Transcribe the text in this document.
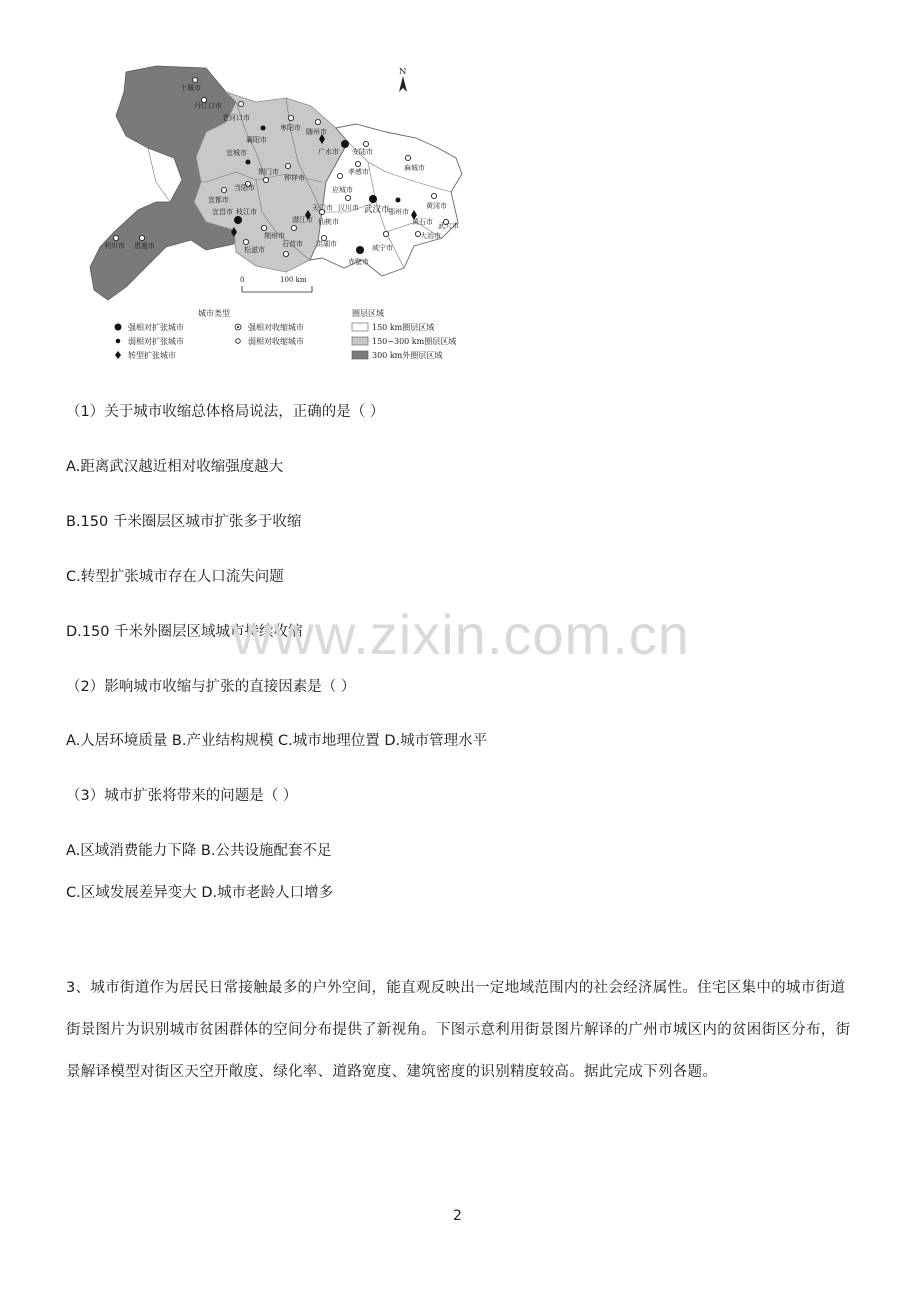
N
十堰市
丹江口市
老河口市
襄阳市
枣阳市 随州市
广水市
宜城市	安陆市
麻城市
孝感市
钟祥市
荆门市
当阳市
宜都市
枝江市
应城市
汉川市 武汉市
鄂州市
黄冈市
天门市
潜江市 仙桃市
荆州市
松滋市
石首市 洪湖市
黄石市 武穴市
大冶市
咸宁市
赤壁市
利川市 恩施市
宜昌市
0	100 km
城市类型
强相对扩张城市
弱相对扩张城市
转型扩张城市
强相对收缩城市
弱相对收缩城市
圈层区域
150 km圈层区域
150~300 km圈层区域
300 km外圈层区域
（1）关于城市收缩总体格局说法，正确的是（ ）
A.距离武汉越近相对收缩强度越大
B.150 千米圈层区城市扩张多于收缩
C.转型扩张城市存在人口流失问题
D.150 千米外圈层区域城市持续收缩
（2）影响城市收缩与扩张的直接因素是（ ）
A.人居环境质量 B.产业结构规模 C.城市地理位置 D.城市管理水平
（3）城市扩张将带来的问题是（ ）
A.区域消费能力下降 B.公共设施配套不足
C.区域发展差异变大 D.城市老龄人口增多
3、城市街道作为居民日常接触最多的户外空间，能直观反映出一定地域范围内的社会经济属性。住宅区集中的城市街道街景图片为识别城市贫困群体的空间分布提供了新视角。下图示意利用街景图片解译的广州市城区内的贫困街区分布，街景解译模型对街区天空开敞度、绿化率、道路宽度、建筑密度的识别精度较高。据此完成下列各题。
www.zixin.com.cn
2
